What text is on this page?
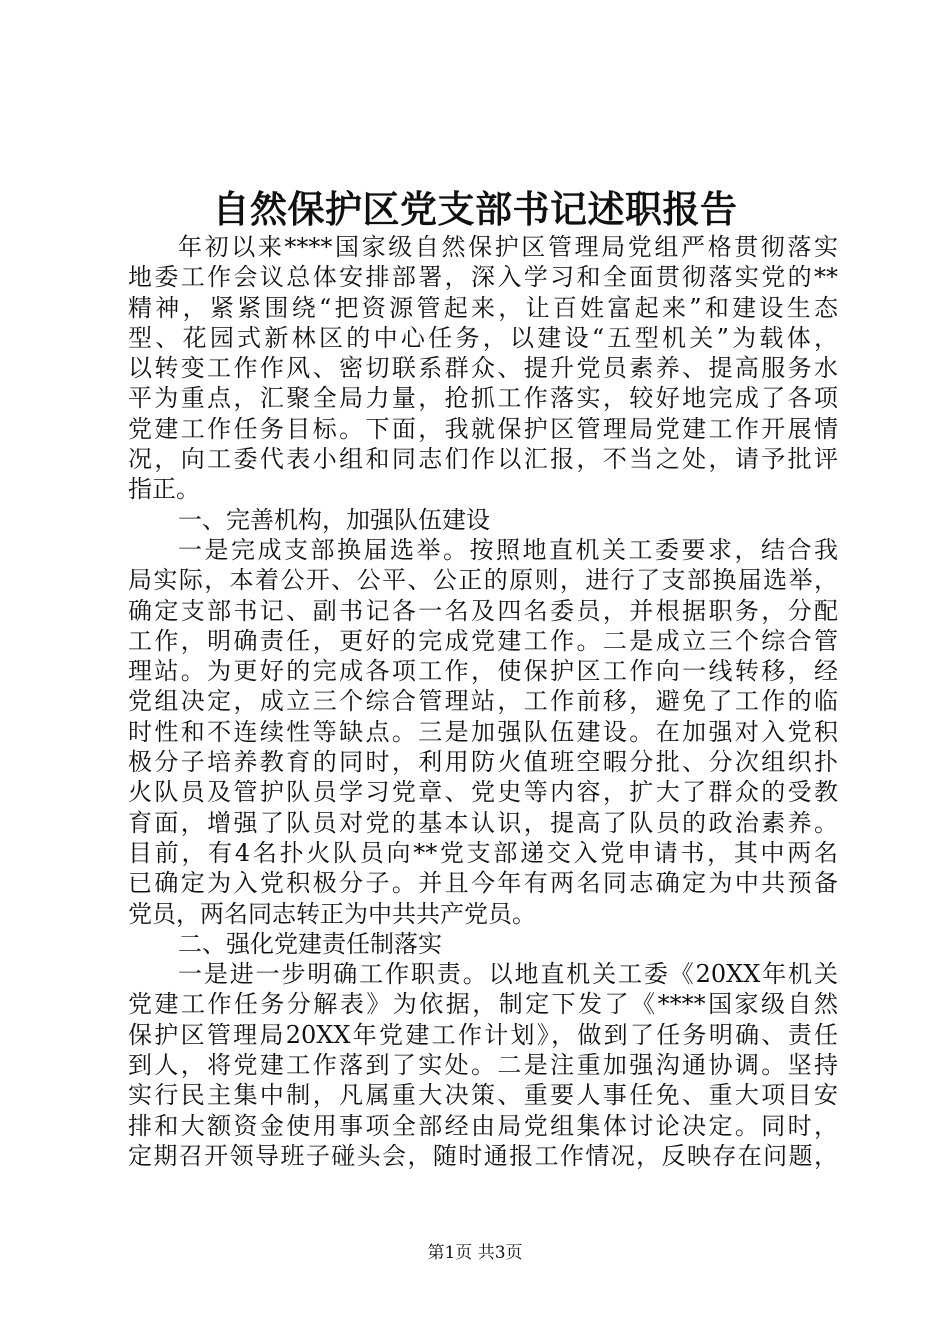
自然保护区党支部书记述职报告
年初以来****国家级自然保护区管理局党组严格贯彻落实
地委工作会议总体安排部署，深入学习和全面贯彻落实党的**
精神，紧紧围绕“把资源管起来，让百姓富起来”和建设生态
型、花园式新林区的中心任务，以建设“五型机关”为载体，
以转变工作作风、密切联系群众、提升党员素养、提高服务水
平为重点，汇聚全局力量，抢抓工作落实，较好地完成了各项
党建工作任务目标。下面，我就保护区管理局党建工作开展情
况，向工委代表小组和同志们作以汇报，不当之处，请予批评
指正。
一、完善机构，加强队伍建设
一是完成支部换届选举。按照地直机关工委要求，结合我
局实际，本着公开、公平、公正的原则，进行了支部换届选举，
确定支部书记、副书记各一名及四名委员，并根据职务，分配
工作，明确责任，更好的完成党建工作。二是成立三个综合管
理站。为更好的完成各项工作，使保护区工作向一线转移，经
党组决定，成立三个综合管理站，工作前移，避免了工作的临
时性和不连续性等缺点。三是加强队伍建设。在加强对入党积
极分子培养教育的同时，利用防火值班空暇分批、分次组织扑
火队员及管护队员学习党章、党史等内容，扩大了群众的受教
育面，增强了队员对党的基本认识，提高了队员的政治素养。
目前，有4名扑火队员向**党支部递交入党申请书，其中两名
已确定为入党积极分子。并且今年有两名同志确定为中共预备
党员，两名同志转正为中共共产党员。
二、强化党建责任制落实
一是进一步明确工作职责。以地直机关工委《20XX年机关
党建工作任务分解表》为依据，制定下发了《****国家级自然
保护区管理局20XX年党建工作计划》，做到了任务明确、责任
到人，将党建工作落到了实处。二是注重加强沟通协调。坚持
实行民主集中制，凡属重大决策、重要人事任免、重大项目安
排和大额资金使用事项全部经由局党组集体讨论决定。同时，
定期召开领导班子碰头会，随时通报工作情况，反映存在问题，
第1页 共3页
